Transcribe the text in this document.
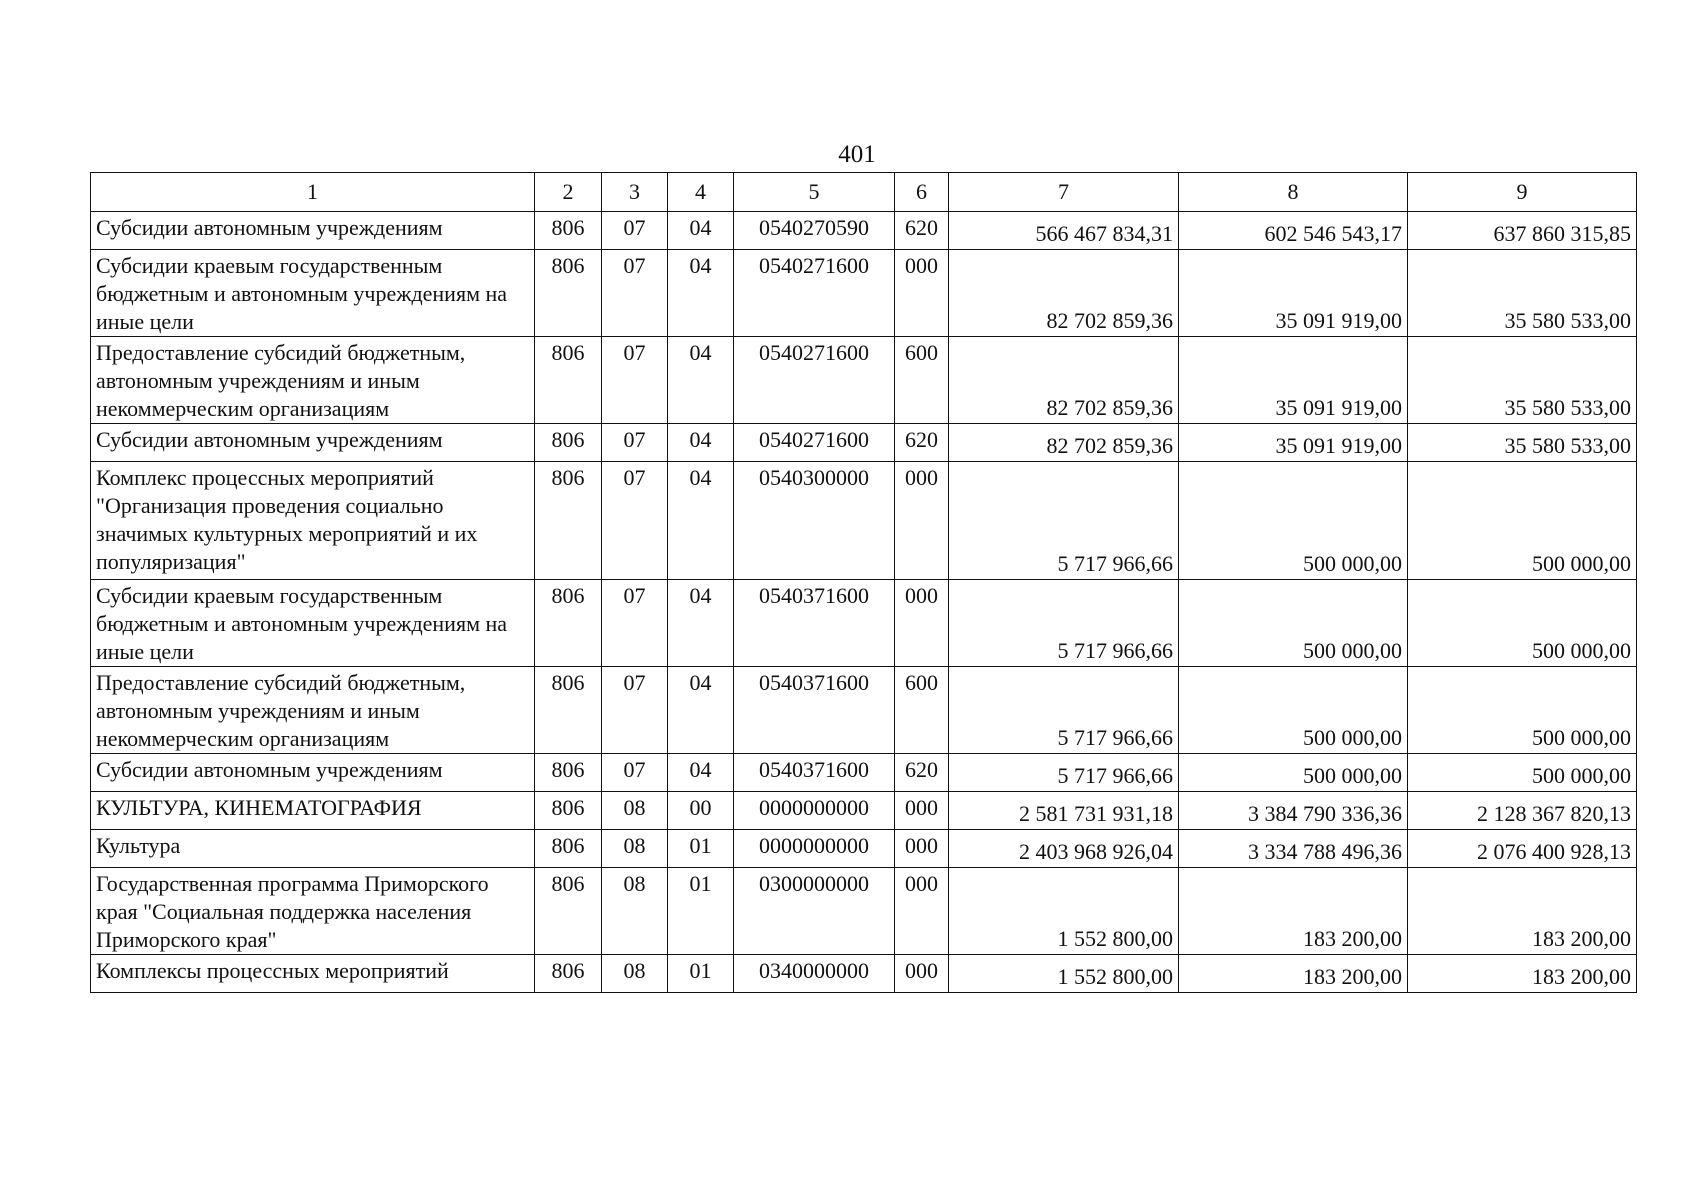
401
1	2	3	4	5	6	7	8	9
Субсидии автономным учреждениям	806	07	04	0540270590	620	566 467 834,31	602 546 543,17	637 860 315,85
Субсидии краевым государственным бюджетным и автономным учреждениям на иные цели	806	07	04	0540271600	000	82 702 859,36	35 091 919,00	35 580 533,00
Предоставление субсидий бюджетным, автономным учреждениям и иным некоммерческим организациям	806	07	04	0540271600	600	82 702 859,36	35 091 919,00	35 580 533,00
Субсидии автономным учреждениям	806	07	04	0540271600	620	82 702 859,36	35 091 919,00	35 580 533,00
Комплекс процессных мероприятий "Организация проведения социально значимых культурных мероприятий и их популяризация"	806	07	04	0540300000	000	5 717 966,66	500 000,00	500 000,00
Субсидии краевым государственным бюджетным и автономным учреждениям на иные цели	806	07	04	0540371600	000	5 717 966,66	500 000,00	500 000,00
Предоставление субсидий бюджетным, автономным учреждениям и иным некоммерческим организациям	806	07	04	0540371600	600	5 717 966,66	500 000,00	500 000,00
Субсидии автономным учреждениям	806	07	04	0540371600	620	5 717 966,66	500 000,00	500 000,00
КУЛЬТУРА, КИНЕМАТОГРАФИЯ	806	08	00	0000000000	000	2 581 731 931,18	3 384 790 336,36	2 128 367 820,13
Культура	806	08	01	0000000000	000	2 403 968 926,04	3 334 788 496,36	2 076 400 928,13
Государственная программа Приморского края "Социальная поддержка населения Приморского края"	806	08	01	0300000000	000	1 552 800,00	183 200,00	183 200,00
Комплексы процессных мероприятий	806	08	01	0340000000	000	1 552 800,00	183 200,00	183 200,00
